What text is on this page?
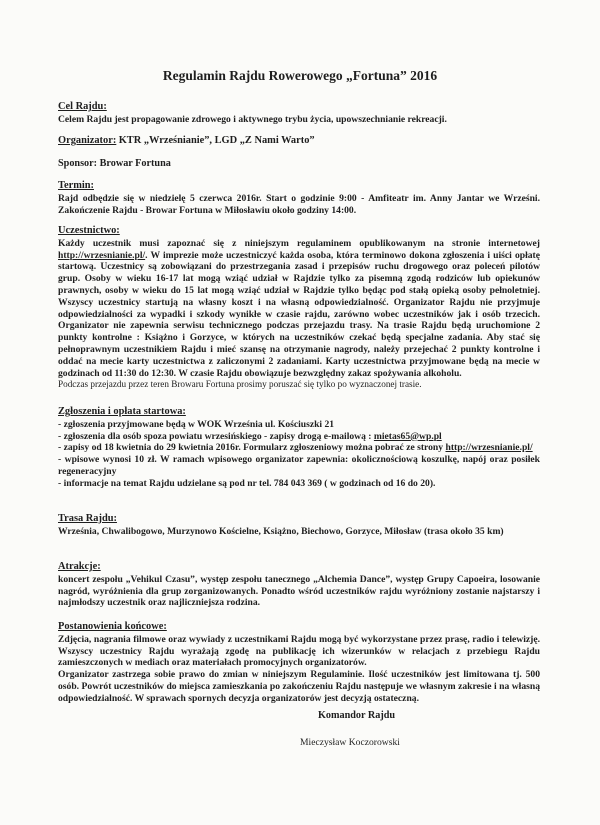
Regulamin Rajdu Rowerowego „Fortuna” 2016
Cel Rajdu:

Celem Rajdu jest propagowanie zdrowego i aktywnego trybu życia, upowszechnianie rekreacji.

Organizator: KTR „Wrześnianie”, LGD „Z Nami Warto”
Sponsor: Browar Fortuna
Termin:

Rajd odbędzie się w niedzielę 5 czerwca 2016r. Start o godzinie 9:00 - Amfiteatr im. Anny Jantar we Wrześni. Zakończenie Rajdu - Browar Fortuna w Miłosławiu około godziny 14:00.

Uczestnictwo:

Każdy uczestnik musi zapoznać się z niniejszym regulaminem opublikowanym na stronie internetowej http://wrzesnianie.pl/. W imprezie może uczestniczyć każda osoba, która terminowo dokona zgłoszenia i uiści opłatę startową. Uczestnicy są zobowiązani do przestrzegania zasad i przepisów ruchu drogowego oraz poleceń pilotów grup. Osoby w wieku 16-17 lat mogą wziąć udział w Rajdzie tylko za pisemną zgodą rodziców lub opiekunów prawnych, osoby w wieku do 15 lat mogą wziąć udział w Rajdzie tylko będąc pod stałą opieką osoby pełnoletniej. Wszyscy uczestnicy startują na własny koszt i na własną odpowiedzialność. Organizator Rajdu nie przyjmuje odpowiedzialności za wypadki i szkody wynikłe w czasie rajdu, zarówno wobec uczestników jak i osób trzecich. Organizator nie zapewnia serwisu technicznego podczas przejazdu trasy. Na trasie Rajdu będą uruchomione 2 punkty kontrolne : Książno i Gorzyce, w których na uczestników czekać będą specjalne zadania. Aby stać się pełnoprawnym uczestnikiem Rajdu i mieć szansę na otrzymanie nagrody, należy przejechać 2 punkty kontrolne i oddać na mecie karty uczestnictwa z zaliczonymi 2 zadaniami. Karty uczestnictwa przyjmowane będą na mecie w godzinach od 11:30 do 12:30. W czasie Rajdu obowiązuje bezwzględny zakaz spożywania alkoholu.

Podczas przejazdu przez teren Browaru Fortuna prosimy poruszać się tylko po wyznaczonej trasie.

Zgłoszenia i opłata startowa:

- zgłoszenia przyjmowane będą w WOK Września ul. Kościuszki 21

- zgłoszenia dla osób spoza powiatu wrzesińskiego - zapisy drogą e-mailową : mietas65@wp.pl

- zapisy od 18 kwietnia do 29 kwietnia 2016r. Formularz zgłoszeniowy można pobrać ze strony http://wrzesnianie.pl/

- wpisowe wynosi 10 zł. W ramach wpisowego organizator zapewnia: okolicznościową koszulkę, napój oraz posiłek regeneracyjny

- informacje na temat Rajdu udzielane są pod nr tel. 784 043 369 ( w godzinach od 16 do 20).

Trasa Rajdu:

Września, Chwalibogowo, Murzynowo Kościelne, Książno, Biechowo, Gorzyce, Miłosław (trasa około 35 km)

Atrakcje:

koncert zespołu „Vehikul Czasu”, występ zespołu tanecznego „Alchemia Dance”, występ Grupy Capoeira, losowanie nagród, wyróżnienia dla grup zorganizowanych. Ponadto wśród uczestników rajdu wyróżniony zostanie najstarszy i najmłodszy uczestnik oraz najliczniejsza rodzina.

Postanowienia końcowe:

Zdjęcia, nagrania filmowe oraz wywiady z uczestnikami Rajdu mogą być wykorzystane przez prasę, radio i telewizję. Wszyscy uczestnicy Rajdu wyrażają zgodę na publikację ich wizerunków w relacjach z przebiegu Rajdu zamieszczonych w mediach oraz materiałach promocyjnych organizatorów.

Organizator zastrzega sobie prawo do zmian w niniejszym Regulaminie. Ilość uczestników jest limitowana tj. 500 osób. Powrót uczestników do miejsca zamieszkania po zakończeniu Rajdu następuje we własnym zakresie i na własną odpowiedzialność. W sprawach spornych decyzja organizatorów jest decyzją ostateczną.

Komandor Rajdu
Mieczysław Koczorowski
